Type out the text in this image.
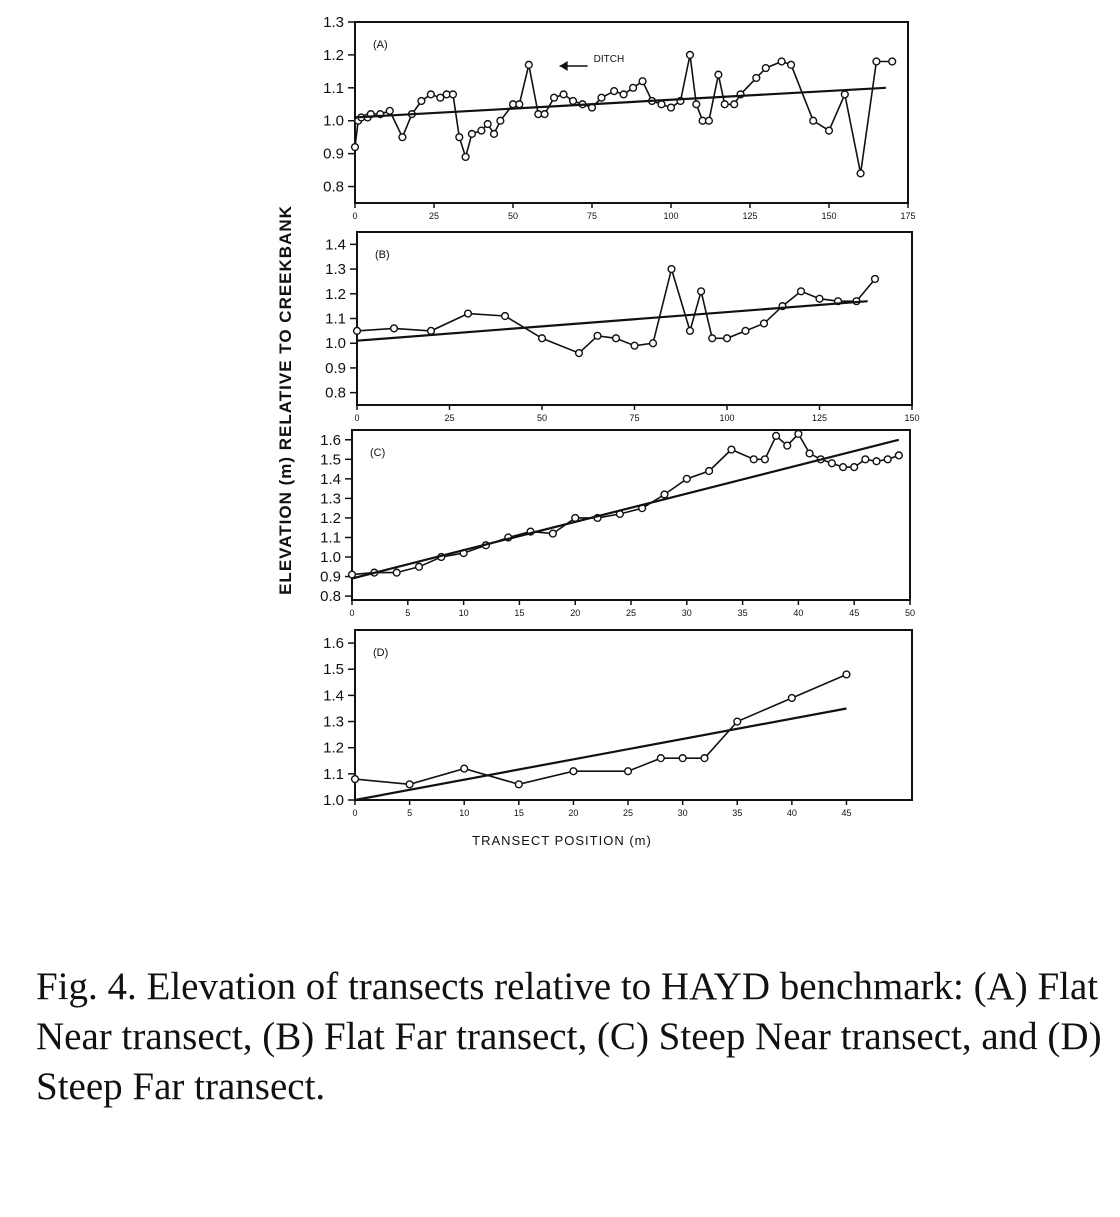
ELEVATION (m) RELATIVE TO CREEKBANK
TRANSECT POSITION (m)
0.8
0.9
1.0
1.1
1.2
1.3
0	25	50	75	100	125	150	175
(A)
DITCH
0.8
0.9
1.0
1.1
1.2
1.3
1.4
0	25	50	75	100	125	150
(B)
0.8
0.9
1.0
1.1
1.2
1.3
1.4
1.5
1.6
0	5	10	15	20	25	30	35	40	45	50
(C)
1.0
1.1
1.2
1.3
1.4
1.5
1.6
0	5	10	15	20	25	30	35	40	45
(D)
Fig. 4. Elevation of transects relative to HAYD benchmark: (A) Flat Near transect, (B) Flat Far transect, (C) Steep Near transect, and (D) Steep Far transect.
